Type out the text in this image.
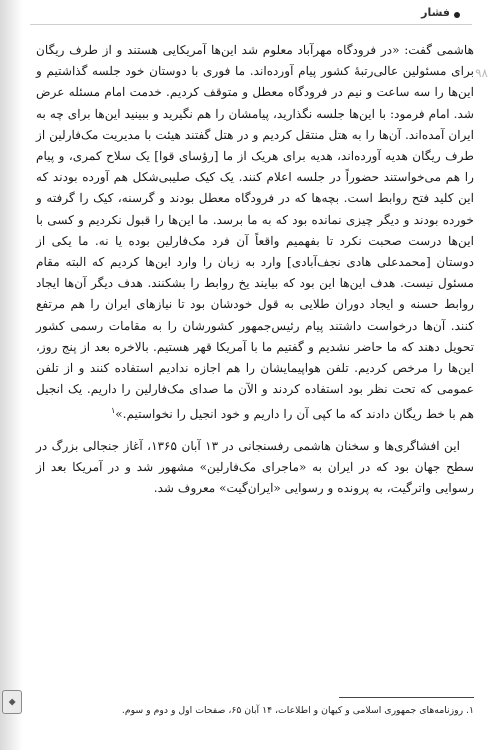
◆
فشار
۹۸

هاشمی گفت: «در فرودگاه مهرآباد معلوم شد این‌ها آمریکایی هستند و از طرف ریگان برای مسئولین عالی‌رتبهٔ کشور پیام آورده‌اند. ما فوری با دوستان خود جلسه گذاشتیم و این‌ها را سه ساعت و نیم در فرودگاه معطل و متوقف کردیم. خدمت امام مسئله عرض شد. امام فرمود: با این‌ها جلسه نگذارید، پیامشان را هم نگیرید و ببینید این‌ها برای چه به ایران آمده‌اند. آن‌ها را به هتل منتقل کردیم و در هتل گفتند هیئت با مدیریت مک‌فارلین از طرف ریگان هدیه آورده‌اند، هدیه برای هریک از ما [رؤسای قوا] یک سلاح کمری، و پیام را هم می‌خواستند حضوراً در جلسه اعلام کنند. یک کیک صلیبی‌شکل هم آورده بودند که این کلید فتح روابط است. بچه‌ها که در فرودگاه معطل بودند و گرسنه، کیک را گرفته و خورده بودند و دیگر چیزی نمانده بود که به ما برسد. ما این‌ها را قبول نکردیم و کسی با این‌ها درست صحبت نکرد تا بفهمیم واقعاً آن فرد مک‌فارلین بوده یا نه. ما یکی از دوستان [محمدعلی هادی نجف‌آبادی] وارد به زبان را وارد این‌ها کردیم که البته مقام مسئول نیست. هدف این‌ها این بود که بیایند یخ روابط را بشکنند. هدف دیگر آن‌ها ایجاد روابط حسنه و ایجاد دوران طلایی به قول خودشان بود تا نیازهای ایران را هم مرتفع کنند. آن‌ها درخواست داشتند پیام رئیس‌جمهور کشورشان را به مقامات رسمی کشور تحویل دهند که ما حاضر نشدیم و گفتیم ما با آمریکا قهر هستیم. بالاخره بعد از پنج روز، این‌ها را مرخص کردیم. تلفن هواپیمایشان را هم اجازه ندادیم استفاده کنند و از تلفن عمومی که تحت نظر بود استفاده کردند و الآن ما صدای مک‌فارلین را داریم. یک انجیل هم با خط ریگان دادند که ما کپی آن را داریم و خود انجیل را نخواستیم.»$^۱$

این افشاگری‌ها و سخنان هاشمی رفسنجانی در ۱۳ آبان ۱۳۶۵، آغاز جنجالی بزرگ در سطح جهان بود که در ایران به «ماجرای مک‌فارلین» مشهور شد و در آمریکا بعد از رسوایی واترگیت، به پرونده و رسوایی «ایران‌گیت» معروف شد.

۱. روزنامه‌های جمهوری اسلامی و کیهان و اطلاعات، ۱۴ آبان ۶۵، صفحات اول و دوم و سوم.
